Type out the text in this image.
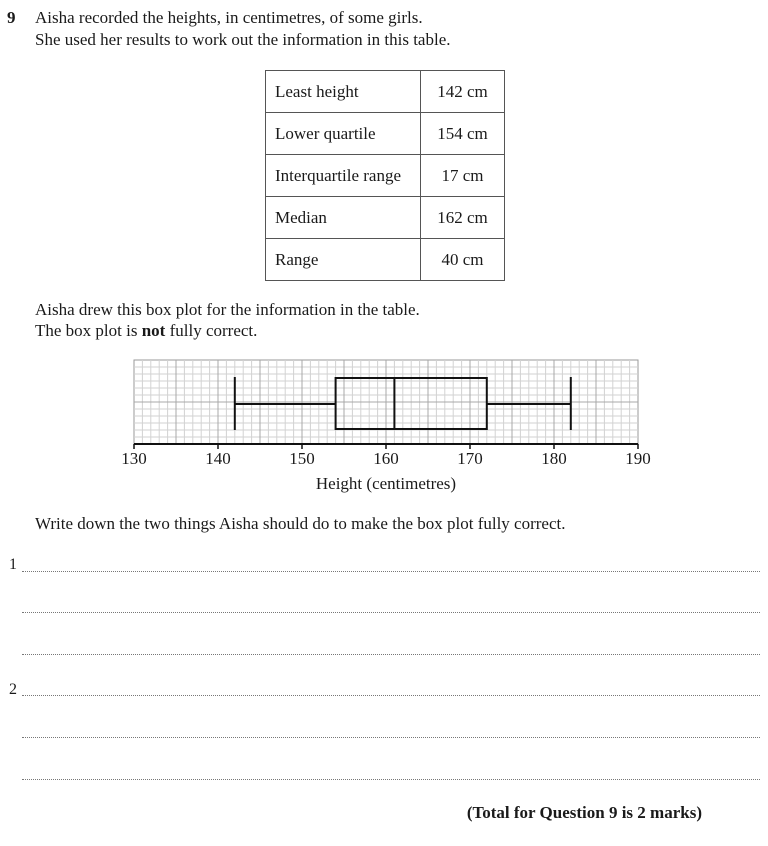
9 Aisha recorded the heights, in centimetres, of some girls.
She used her results to work out the information in this table.
Least height	142 cm
Lower quartile	154 cm
Interquartile range	17 cm
Median	162 cm
Range	40 cm
Aisha drew this box plot for the information in the table.
The box plot is not fully correct.
130	140	150	160	170	180	190
Height (centimetres)
Write down the two things Aisha should do to make the box plot fully correct.
1
2
(Total for Question 9 is 2 marks)
